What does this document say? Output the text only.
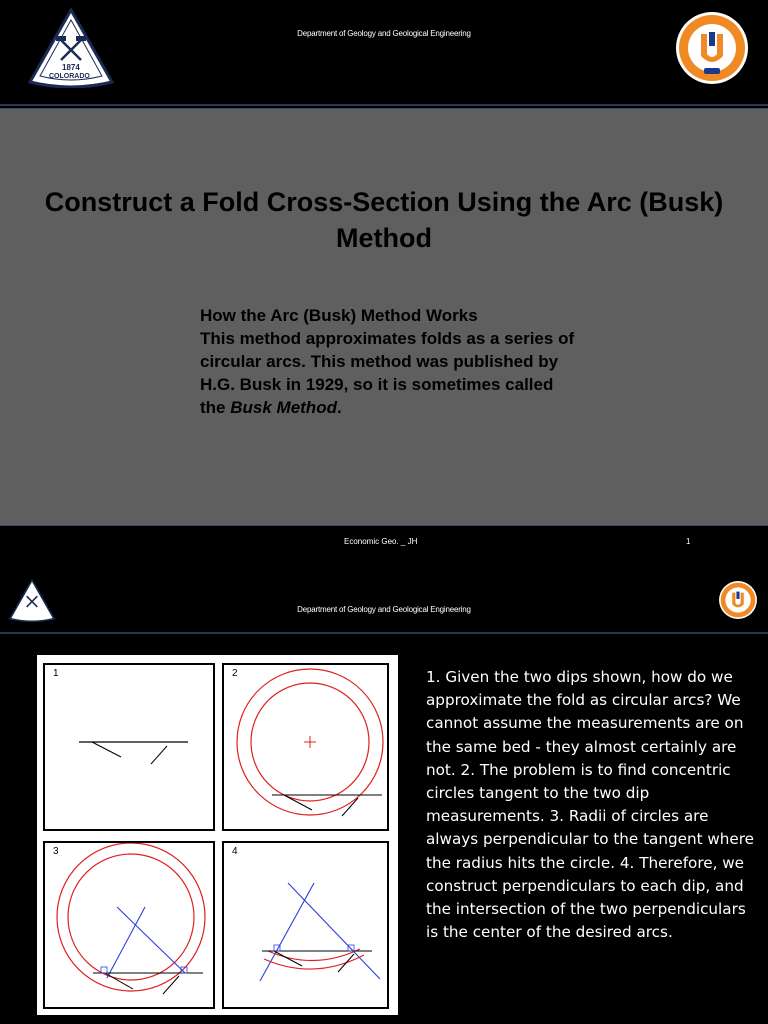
1874
COLORADO
Department of Geology and Geological Engineering
Construct a Fold Cross-Section Using the Arc (Busk) Method
How the Arc (Busk) Method Works
This method approximates folds as a series of circular arcs. This method was published by H.G. Busk in 1929, so it is sometimes called the Busk Method.
Economic Geo. _ JH	1
Department of Geology and Geological Engineering
1	2
3	4
1. Given the two dips shown, how do we approximate the fold as circular arcs? We cannot assume the measurements are on the same bed - they almost certainly are not. 2. The problem is to find concentric circles tangent to the two dip measurements. 3. Radii of circles are always perpendicular to the tangent where the radius hits the circle. 4. Therefore, we construct perpendiculars to each dip, and the intersection of the two perpendiculars is the center of the desired arcs.
